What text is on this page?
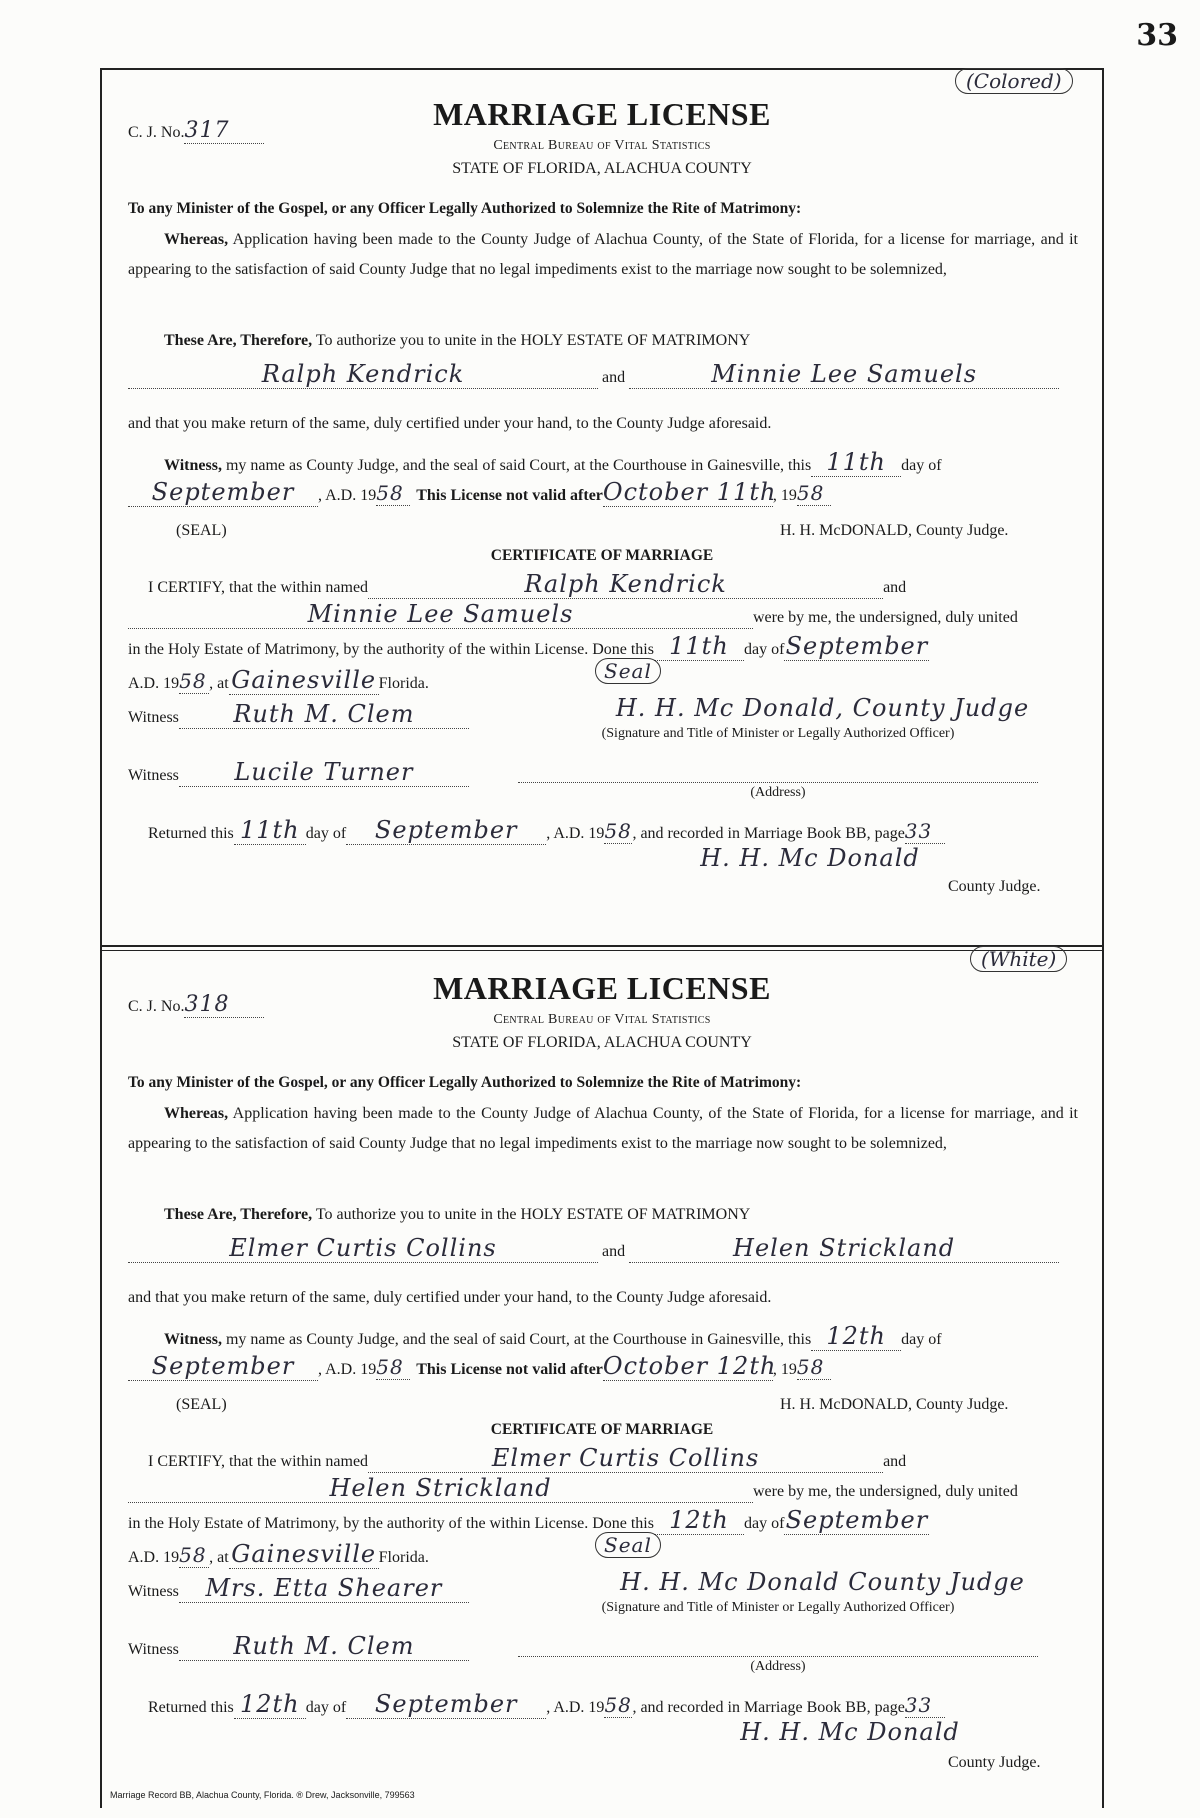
33
(Colored)
C. J. No.317	MARRIAGE LICENSE
Central Bureau of Vital Statistics
STATE OF FLORIDA, ALACHUA COUNTY
To any Minister of the Gospel, or any Officer Legally Authorized to Solemnize the Rite of Matrimony:
Whereas, Application having been made to the County Judge of Alachua County, of the State of Florida, for a license for marriage, and it appearing to the satisfaction of said County Judge that no legal impediments exist to the marriage now sought to be solemnized,
These Are, Therefore, To authorize you to unite in the HOLY ESTATE OF MATRIMONY
Ralph Kendrick	and	Minnie Lee Samuels
and that you make return of the same, duly certified under your hand, to the County Judge aforesaid.
Witness, my name as County Judge, and the seal of said Court, at the Courthouse in Gainesville, this 11th day of
September , A.D. 1958 This License not valid afterOctober 11th, 1958
(SEAL)	H. H. McDONALD, County Judge.
CERTIFICATE OF MARRIAGE
I CERTIFY, that the within named	Ralph Kendrick	and
Minnie Lee Samuels	were by me, the undersigned, duly united
in the Holy Estate of Matrimony, by the authority of the within License. Done this 11th day ofSeptember
A.D. 1958 , at Gainesville Florida.
Seal
Witness Ruth M. Clem	H. H. Mc Donald, County Judge
(Signature and Title of Minister or Legally Authorized Officer)
Witness Lucile Turner
(Address)
Returned this 11th day of September , A.D. 1958, and recorded in Marriage Book BB, page33
H. H. Mc Donald
County Judge.
(White)
C. J. No.318	MARRIAGE LICENSE
Central Bureau of Vital Statistics
STATE OF FLORIDA, ALACHUA COUNTY
To any Minister of the Gospel, or any Officer Legally Authorized to Solemnize the Rite of Matrimony:
Whereas, Application having been made to the County Judge of Alachua County, of the State of Florida, for a license for marriage, and it appearing to the satisfaction of said County Judge that no legal impediments exist to the marriage now sought to be solemnized,
These Are, Therefore, To authorize you to unite in the HOLY ESTATE OF MATRIMONY
Elmer Curtis Collins	and	Helen Strickland
and that you make return of the same, duly certified under your hand, to the County Judge aforesaid.
Witness, my name as County Judge, and the seal of said Court, at the Courthouse in Gainesville, this 12th day of
September , A.D. 1958 This License not valid afterOctober 12th, 1958
(SEAL)	H. H. McDONALD, County Judge.
CERTIFICATE OF MARRIAGE
I CERTIFY, that the within named	Elmer Curtis Collins	and
Helen Strickland	were by me, the undersigned, duly united
in the Holy Estate of Matrimony, by the authority of the within License. Done this 12th day ofSeptember
A.D. 1958 , at Gainesville Florida.
Seal
Witness Mrs. Etta Shearer	H. H. Mc Donald County Judge
(Signature and Title of Minister or Legally Authorized Officer)
Witness Ruth M. Clem
(Address)
Returned this 12th day of September , A.D. 1958, and recorded in Marriage Book BB, page33
H. H. Mc Donald
County Judge.
Marriage Record BB, Alachua County, Florida. ® Drew, Jacksonville, 799563
